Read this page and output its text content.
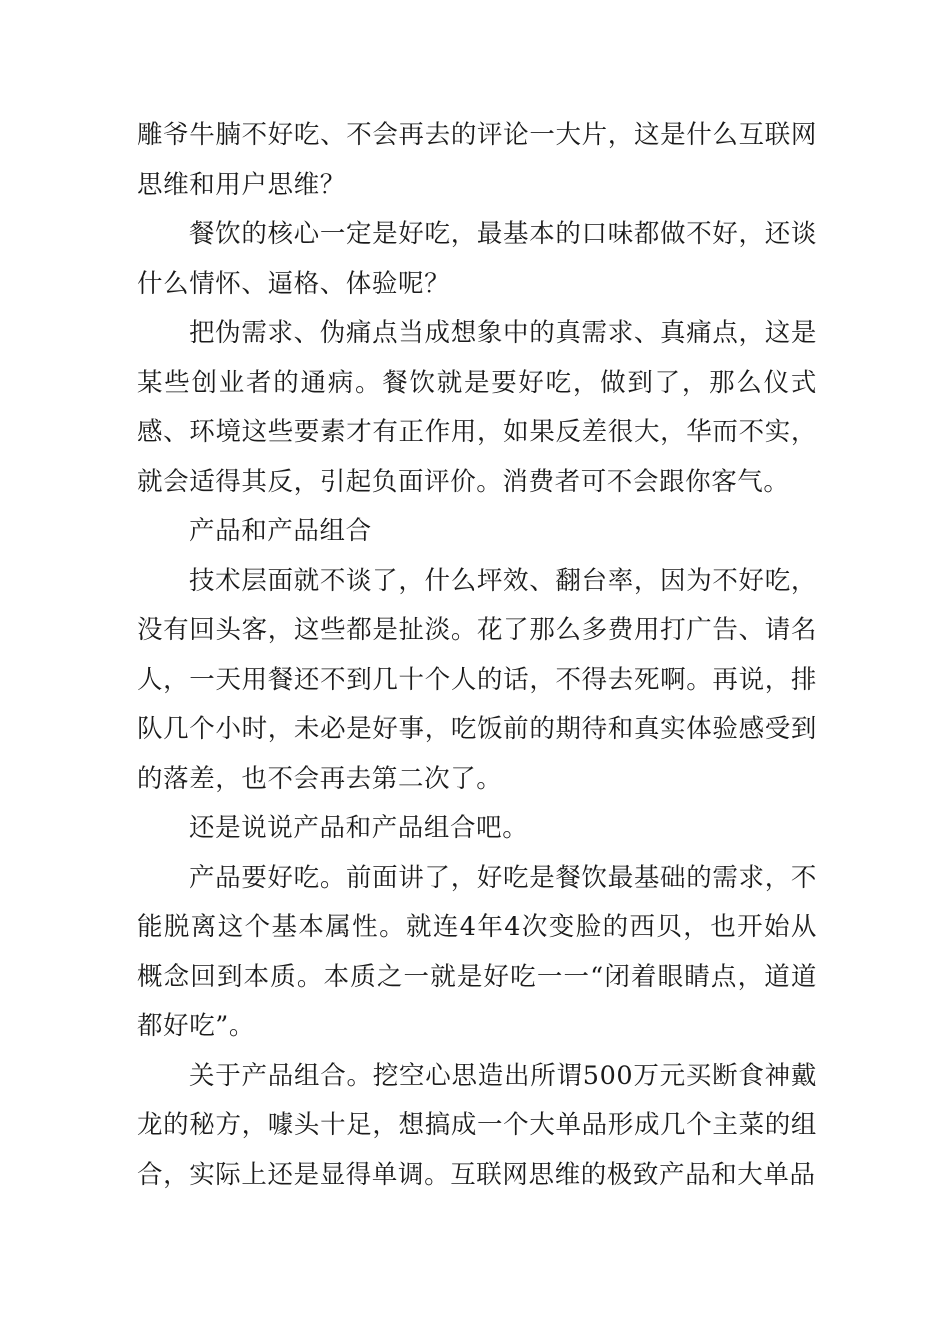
雕爷牛腩不好吃、不会再去的评论一大片，这是什么互联网思维和用户思维？

餐饮的核心一定是好吃，最基本的口味都做不好，还谈什么情怀、逼格、体验呢？

把伪需求、伪痛点当成想象中的真需求、真痛点，这是某些创业者的通病。餐饮就是要好吃，做到了，那么仪式感、环境这些要素才有正作用，如果反差很大，华而不实，就会适得其反，引起负面评价。消费者可不会跟你客气。

产品和产品组合

技术层面就不谈了，什么坪效、翻台率，因为不好吃，没有回头客，这些都是扯淡。花了那么多费用打广告、请名人，一天用餐还不到几十个人的话，不得去死啊。再说，排队几个小时，未必是好事，吃饭前的期待和真实体验感受到的落差，也不会再去第二次了。

还是说说产品和产品组合吧。

产品要好吃。前面讲了，好吃是餐饮最基础的需求，不能脱离这个基本属性。就连4年4次变脸的西贝，也开始从概念回到本质。本质之一就是好吃一一“闭着眼睛点，道道都好吃”。

关于产品组合。挖空心思造出所谓500万元买断食神戴龙的秘方，噱头十足，想搞成一个大单品形成几个主菜的组合，实际上还是显得单调。互联网思维的极致产品和大单品
